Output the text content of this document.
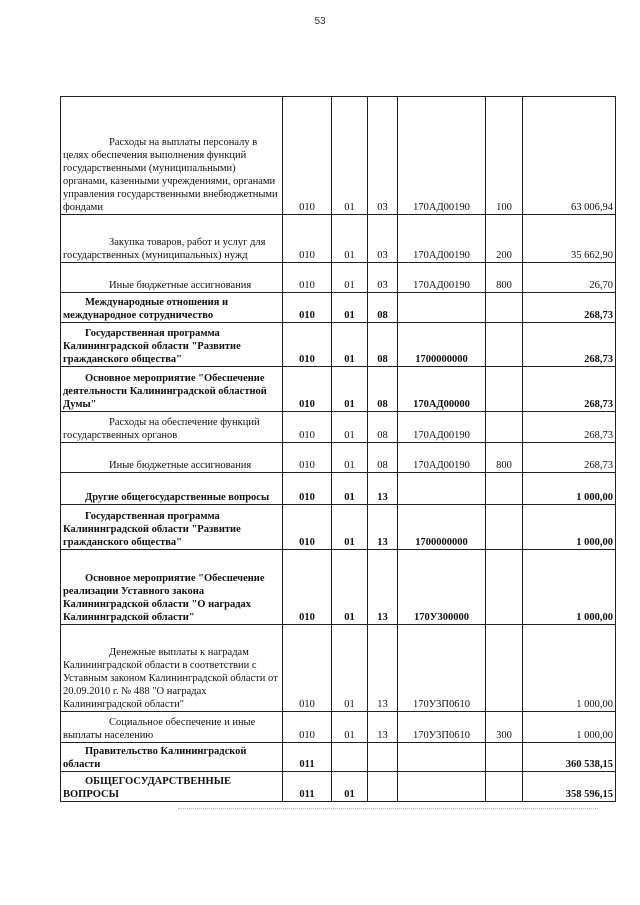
53
Расходы на выплаты персоналу в целях обеспечения выполнения функций государственными (муниципальными) органами, казенными учреждениями, органами управления государственными внебюджетными фондами	010	01	03	170АД00190	100	63 006,94
Закупка товаров, работ и услуг для государственных (муниципальных) нужд	010	01	03	170АД00190	200	35 662,90
Иные бюджетные ассигнования	010	01	03	170АД00190	800	26,70
Международные отношения и международное сотрудничество	010	01	08			268,73
Государственная программа Калининградской области "Развитие гражданского общества"	010	01	08	1700000000		268,73
Основное мероприятие "Обеспечение деятельности Калининградской областной Думы"	010	01	08	170АД00000		268,73
Расходы на обеспечение функций государственных органов	010	01	08	170АД00190		268,73
Иные бюджетные ассигнования	010	01	08	170АД00190	800	268,73
Другие общегосударственные вопросы	010	01	13			1 000,00
Государственная программа Калининградской области "Развитие гражданского общества"	010	01	13	1700000000		1 000,00
Основное мероприятие "Обеспечение реализации Уставного закона Калининградской области "О наградах Калининградской области"	010	01	13	170У300000		1 000,00
Денежные выплаты к наградам Калининградской области в соответствии с Уставным законом Калининградской области от 20.09.2010 г. № 488 "О наградах Калининградской области"	010	01	13	170У3П0610		1 000,00
Социальное обеспечение и иные выплаты населению	010	01	13	170У3П0610	300	1 000,00
Правительство Калининградской области	011					360 538,15
ОБЩЕГОСУДАРСТВЕННЫЕ ВОПРОСЫ	011	01				358 596,15
